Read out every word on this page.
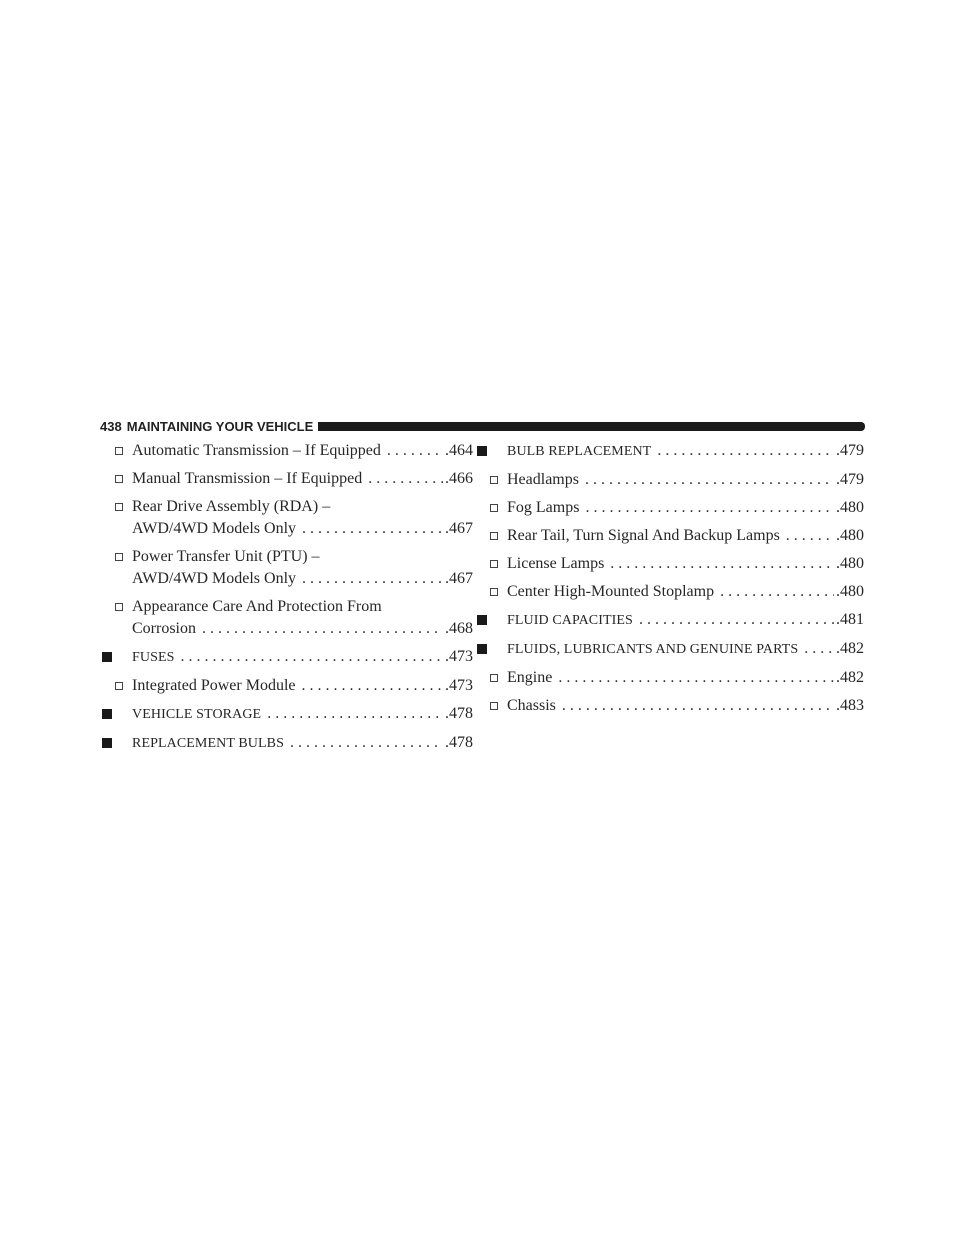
438 MAINTAINING YOUR VEHICLE
Automatic Transmission – If Equipped . . .	.464
Manual Transmission – If Equipped . . .	.466
Rear Drive Assembly (RDA) –
AWD/4WD Models Only . . .	.467
Power Transfer Unit (PTU) –
AWD/4WD Models Only . . .	.467
Appearance Care And Protection From
Corrosion . . .	.468
FUSES . . .	.473
Integrated Power Module . . .	.473
VEHICLE STORAGE . . .	.478
REPLACEMENT BULBS . . .	.478
BULB REPLACEMENT . . .	.479
Headlamps . . .	.479
Fog Lamps . . .	.480
Rear Tail, Turn Signal And Backup Lamps . . .	.480
License Lamps . . .	.480
Center High-Mounted Stoplamp . . .	.480
FLUID CAPACITIES . . .	.481
FLUIDS, LUBRICANTS AND GENUINE PARTS . . . .482
Engine . . .	.482
Chassis . . .	.483
